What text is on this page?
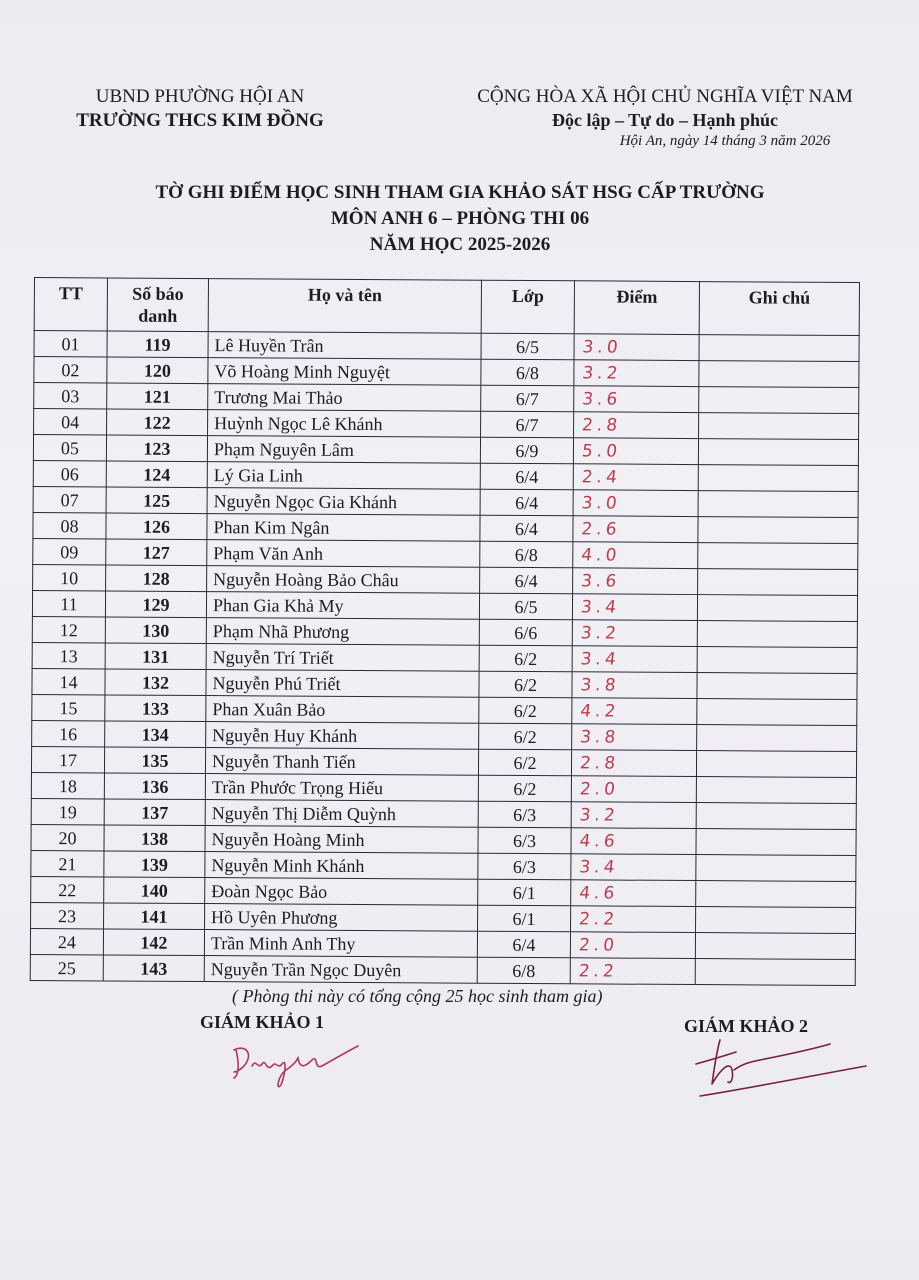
UBND PHƯỜNG HỘI AN
TRƯỜNG THCS KIM ĐỒNG
CỘNG HÒA XÃ HỘI CHỦ NGHĨA VIỆT NAM
Độc lập – Tự do – Hạnh phúc
Hội An, ngày 14 tháng 3 năm 2026
TỜ GHI ĐIỂM HỌC SINH THAM GIA KHẢO SÁT HSG CẤP TRƯỜNG
MÔN ANH 6 – PHÒNG THI 06
NĂM HỌC 2025-2026
TT	Số báo danh	Họ và tên	Lớp	Điểm	Ghi chú
01	119	Lê Huyền Trân	6/5	3.0	
02	120	Võ Hoàng Minh Nguyệt	6/8	3.2	
03	121	Trương Mai Thảo	6/7	3.6	
04	122	Huỳnh Ngọc Lê Khánh	6/7	2.8	
05	123	Phạm Nguyên Lâm	6/9	5.0	
06	124	Lý Gia Linh	6/4	2.4	
07	125	Nguyễn Ngọc Gia Khánh	6/4	3.0	
08	126	Phan Kim Ngân	6/4	2.6	
09	127	Phạm Văn Anh	6/8	4.0	
10	128	Nguyễn Hoàng Bảo Châu	6/4	3.6	
11	129	Phan Gia Khả My	6/5	3.4	
12	130	Phạm Nhã Phương	6/6	3.2	
13	131	Nguyễn Trí Triết	6/2	3.4	
14	132	Nguyễn Phú Triết	6/2	3.8	
15	133	Phan Xuân Bảo	6/2	4.2	
16	134	Nguyễn Huy Khánh	6/2	3.8	
17	135	Nguyễn Thanh Tiến	6/2	2.8	
18	136	Trần Phước Trọng Hiếu	6/2	2.0	
19	137	Nguyễn Thị Diễm Quỳnh	6/3	3.2	
20	138	Nguyễn Hoàng Minh	6/3	4.6	
21	139	Nguyễn Minh Khánh	6/3	3.4	
22	140	Đoàn Ngọc Bảo	6/1	4.6	
23	141	Hồ Uyên Phương	6/1	2.2	
24	142	Trần Minh Anh Thy	6/4	2.0	
25	143	Nguyễn Trần Ngọc Duyên	6/8	2.2	
( Phòng thi này có tổng cộng 25 học sinh tham gia)
GIÁM KHẢO 1	GIÁM KHẢO 2
